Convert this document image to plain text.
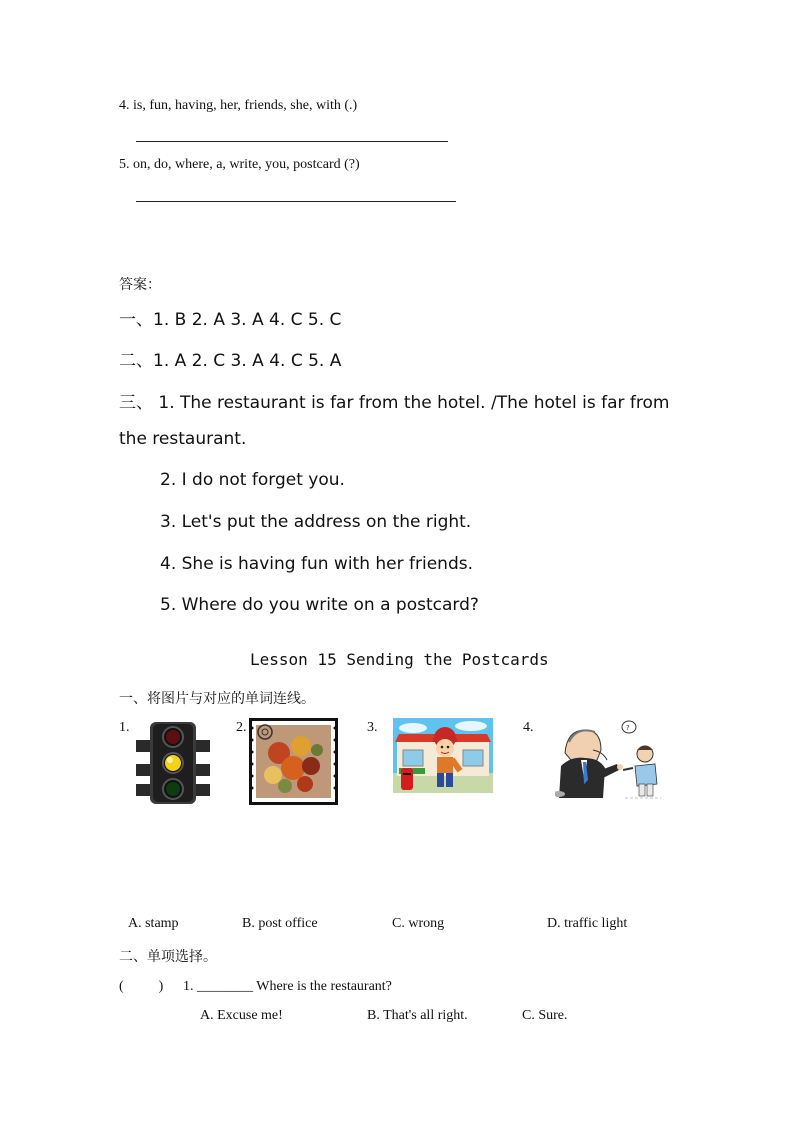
4. is, fun, having, her, friends, she, with (.)
5. on, do, where, a, write, you, postcard (?)
答案：
一、1. B 2. A 3. A 4. C 5. C
二、1. A 2. C 3. A 4. C 5. A
三、 1. The restaurant is far from the hotel. /The hotel is far from
the restaurant.
2. I do not forget you.
3. Let's put the address on the right.
4. She is having fun with her friends.
5. Where do you write on a postcard?
Lesson 15 Sending the Postcards
一、将图片与对应的单词连线。
1.	2.	3.	4.	?
A. stamp	B. post office	C. wrong	D. traffic light
二、单项选择。
(          ) 1. ________ Where is the restaurant?
A. Excuse me!	B. That's all right.	C. Sure.
